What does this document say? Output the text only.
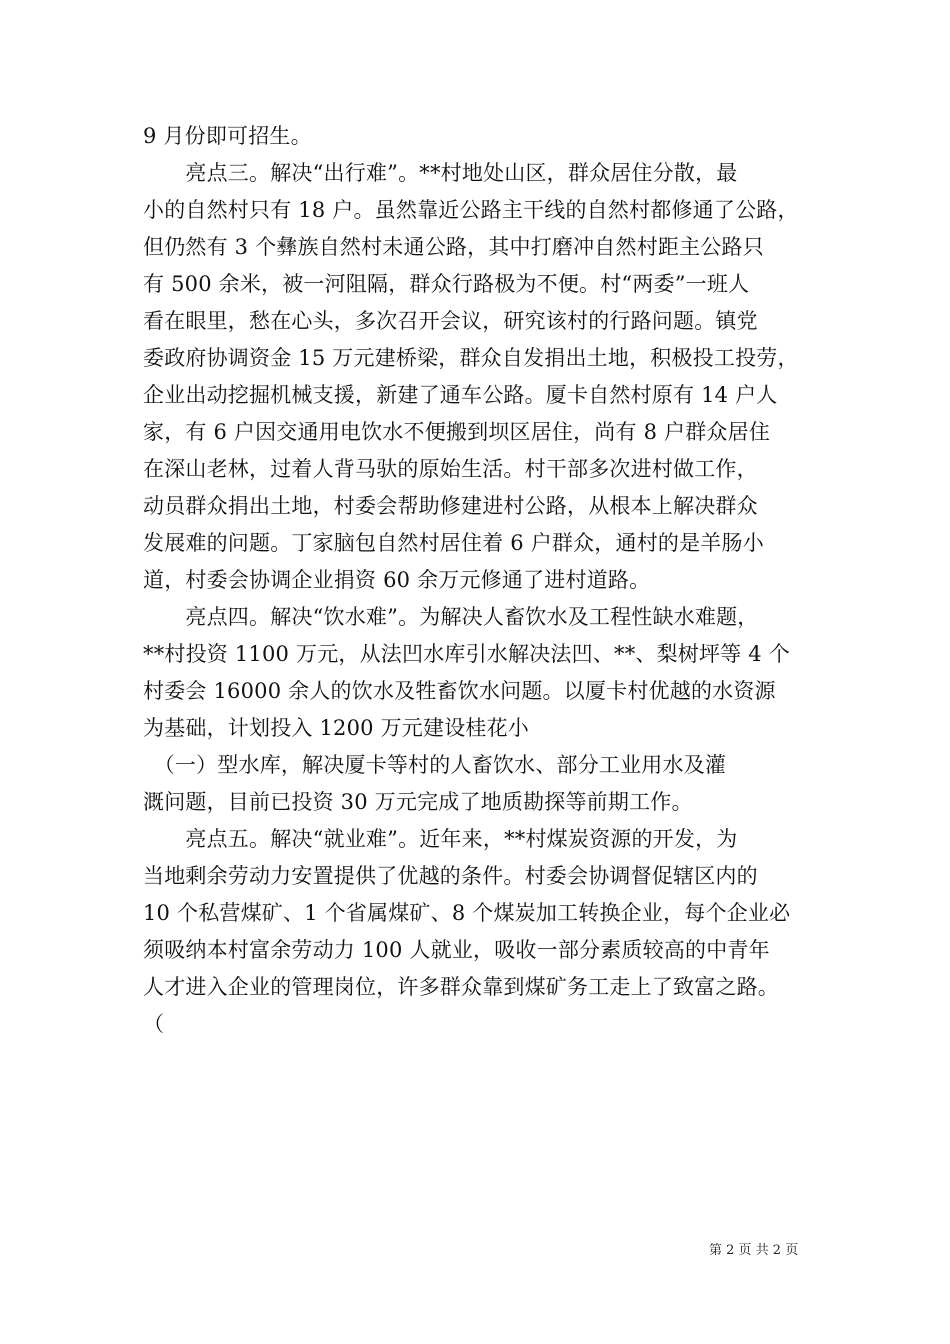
9 月份即可招生。
　　亮点三。解决“出行难”。**村地处山区，群众居住分散，最
小的自然村只有 18 户。虽然靠近公路主干线的自然村都修通了公路，
但仍然有 3 个彝族自然村未通公路，其中打磨冲自然村距主公路只
有 500 余米，被一河阻隔，群众行路极为不便。村“两委”一班人
看在眼里，愁在心头，多次召开会议，研究该村的行路问题。镇党
委政府协调资金 15 万元建桥梁，群众自发捐出土地，积极投工投劳，
企业出动挖掘机械支援，新建了通车公路。厦卡自然村原有 14 户人
家，有 6 户因交通用电饮水不便搬到坝区居住，尚有 8 户群众居住
在深山老林，过着人背马驮的原始生活。村干部多次进村做工作，
动员群众捐出土地，村委会帮助修建进村公路，从根本上解决群众
发展难的问题。丁家脑包自然村居住着 6 户群众，通村的是羊肠小
道，村委会协调企业捐资 60 余万元修通了进村道路。
　　亮点四。解决“饮水难”。为解决人畜饮水及工程性缺水难题，
**村投资 1100 万元，从法凹水库引水解决法凹、**、梨树坪等 4 个
村委会 16000 余人的饮水及牲畜饮水问题。以厦卡村优越的水资源
为基础，计划投入 1200 万元建设桂花小
　（一）型水库，解决厦卡等村的人畜饮水、部分工业用水及灌
溉问题，目前已投资 30 万元完成了地质勘探等前期工作。
　　亮点五。解决“就业难”。近年来，**村煤炭资源的开发，为
当地剩余劳动力安置提供了优越的条件。村委会协调督促辖区内的
10 个私营煤矿、1 个省属煤矿、8 个煤炭加工转换企业，每个企业必
须吸纳本村富余劳动力 100 人就业，吸收一部分素质较高的中青年
人才进入企业的管理岗位，许多群众靠到煤矿务工走上了致富之路。
（
第 2 页 共 2 页
